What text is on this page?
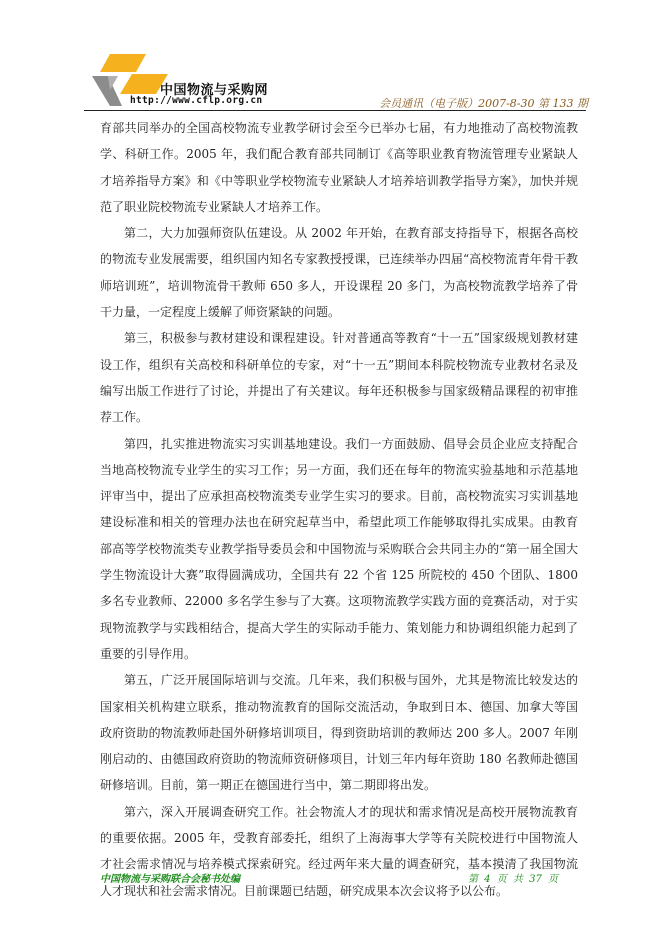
中国物流与采购网
http://www.cflp.org.cn	会员通讯（电子版）2007-8-30 第 133 期

育部共同举办的全国高校物流专业教学研讨会至今已举办七届，有力地推动了高校物流教学、科研工作。2005 年，我们配合教育部共同制订《高等职业教育物流管理专业紧缺人才培养指导方案》和《中等职业学校物流专业紧缺人才培养培训教学指导方案》，加快并规范了职业院校物流专业紧缺人才培养工作。

第二，大力加强师资队伍建设。从 2002 年开始，在教育部支持指导下，根据各高校的物流专业发展需要，组织国内知名专家教授授课，已连续举办四届“高校物流青年骨干教师培训班”，培训物流骨干教师 650 多人，开设课程 20 多门，为高校物流教学培养了骨干力量，一定程度上缓解了师资紧缺的问题。

第三，积极参与教材建设和课程建设。针对普通高等教育“十一五”国家级规划教材建设工作，组织有关高校和科研单位的专家，对“十一五”期间本科院校物流专业教材名录及编写出版工作进行了讨论，并提出了有关建议。每年还积极参与国家级精品课程的初审推荐工作。

第四，扎实推进物流实习实训基地建设。我们一方面鼓励、倡导会员企业应支持配合当地高校物流专业学生的实习工作；另一方面，我们还在每年的物流实验基地和示范基地评审当中，提出了应承担高校物流类专业学生实习的要求。目前，高校物流实习实训基地建设标准和相关的管理办法也在研究起草当中，希望此项工作能够取得扎实成果。由教育部高等学校物流类专业教学指导委员会和中国物流与采购联合会共同主办的“第一届全国大学生物流设计大赛”取得圆满成功，全国共有 22 个省 125 所院校的 450 个团队、1800 多名专业教师、22000 多名学生参与了大赛。这项物流教学实践方面的竞赛活动，对于实现物流教学与实践相结合，提高大学生的实际动手能力、策划能力和协调组织能力起到了重要的引导作用。

第五，广泛开展国际培训与交流。几年来，我们积极与国外，尤其是物流比较发达的国家相关机构建立联系，推动物流教育的国际交流活动，争取到日本、德国、加拿大等国政府资助的物流教师赴国外研修培训项目，得到资助培训的教师达 200 多人。2007 年刚刚启动的、由德国政府资助的物流师资研修项目，计划三年内每年资助 180 名教师赴德国研修培训。目前，第一期正在德国进行当中，第二期即将出发。

第六，深入开展调查研究工作。社会物流人才的现状和需求情况是高校开展物流教育的重要依据。2005 年，受教育部委托，组织了上海海事大学等有关院校进行中国物流人才社会需求情况与培养模式探索研究。经过两年来大量的调查研究，基本摸清了我国物流人才现状和社会需求情况。目前课题已结题，研究成果本次会议将予以公布。

中国物流与采购联合会秘书处编	第 4 页 共 37 页
